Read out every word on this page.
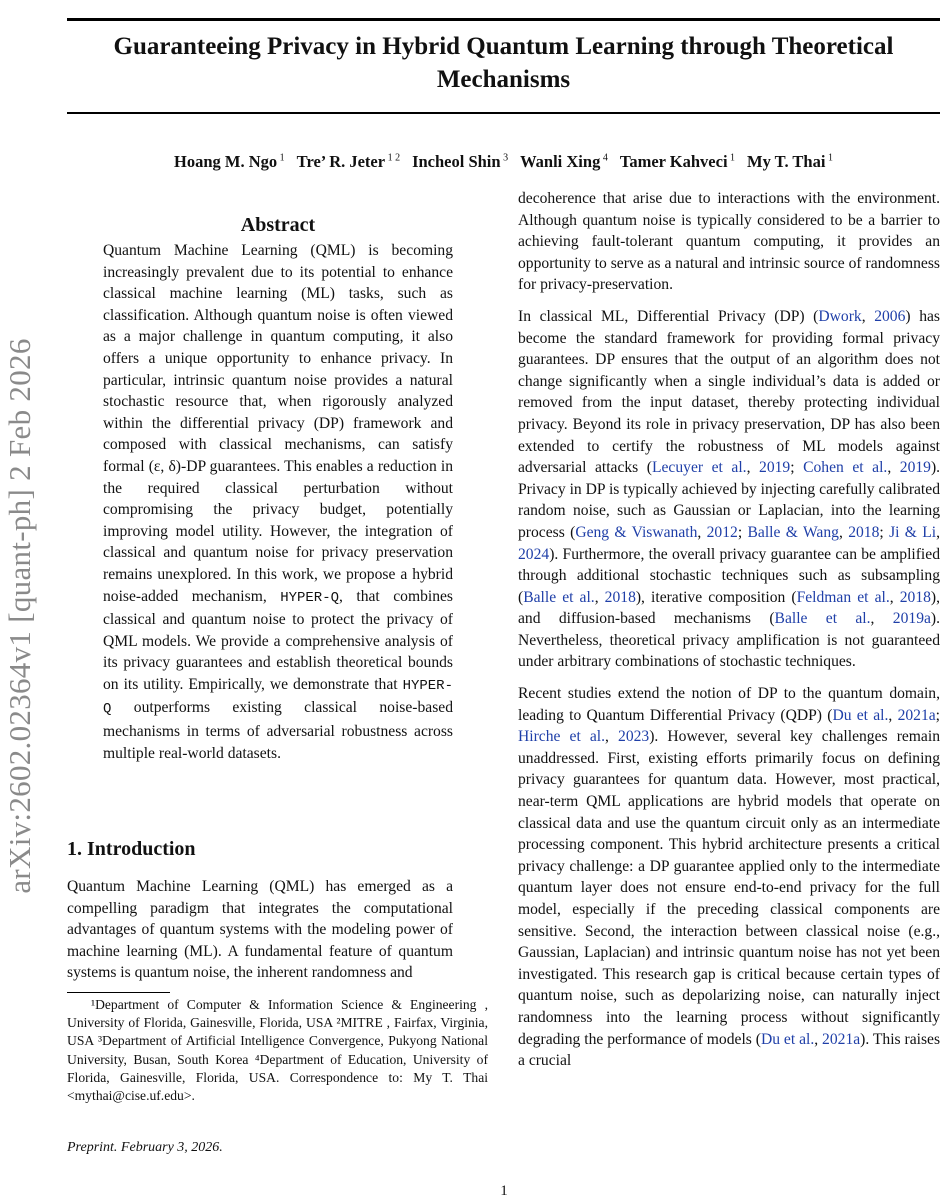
arXiv:2602.02364v1 [quant-ph] 2 Feb 2026
Guaranteeing Privacy in Hybrid Quantum Learning through Theoretical Mechanisms
Hoang M. Ngo $^1$ Tre’ R. Jeter $^{1 2}$ Incheol Shin $^3$ Wanli Xing $^4$ Tamer Kahveci $^1$ My T. Thai $^1$
Abstract

Quantum Machine Learning (QML) is becoming increasingly prevalent due to its potential to enhance classical machine learning (ML) tasks, such as classification. Although quantum noise is often viewed as a major challenge in quantum computing, it also offers a unique opportunity to enhance privacy. In particular, intrinsic quantum noise provides a natural stochastic resource that, when rigorously analyzed within the differential privacy (DP) framework and composed with classical mechanisms, can satisfy formal (ε, δ)-DP guarantees. This enables a reduction in the required classical perturbation without compromising the privacy budget, potentially improving model utility. However, the integration of classical and quantum noise for privacy preservation remains unexplored. In this work, we propose a hybrid noise-added mechanism, HYPER-Q, that combines classical and quantum noise to protect the privacy of QML models. We provide a comprehensive analysis of its privacy guarantees and establish theoretical bounds on its utility. Empirically, we demonstrate that HYPER-Q outperforms existing classical noise-based mechanisms in terms of adversarial robustness across multiple real-world datasets.

1. Introduction
Quantum Machine Learning (QML) has emerged as a compelling paradigm that integrates the computational advantages of quantum systems with the modeling power of machine learning (ML). A fundamental feature of quantum systems is quantum noise, the inherent randomness and

decoherence that arise due to interactions with the environment. Although quantum noise is typically considered to be a barrier to achieving fault-tolerant quantum computing, it provides an opportunity to serve as a natural and intrinsic source of randomness for privacy-preservation.

In classical ML, Differential Privacy (DP) (Dwork, 2006) has become the standard framework for providing formal privacy guarantees. DP ensures that the output of an algorithm does not change significantly when a single individual’s data is added or removed from the input dataset, thereby protecting individual privacy. Beyond its role in privacy preservation, DP has also been extended to certify the robustness of ML models against adversarial attacks (Lecuyer et al., 2019; Cohen et al., 2019). Privacy in DP is typically achieved by injecting carefully calibrated random noise, such as Gaussian or Laplacian, into the learning process (Geng & Viswanath, 2012; Balle & Wang, 2018; Ji & Li, 2024). Furthermore, the overall privacy guarantee can be amplified through additional stochastic techniques such as subsampling (Balle et al., 2018), iterative composition (Feldman et al., 2018), and diffusion-based mechanisms (Balle et al., 2019a). Nevertheless, theoretical privacy amplification is not guaranteed under arbitrary combinations of stochastic techniques.

Recent studies extend the notion of DP to the quantum domain, leading to Quantum Differential Privacy (QDP) (Du et al., 2021a; Hirche et al., 2023). However, several key challenges remain unaddressed. First, existing efforts primarily focus on defining privacy guarantees for quantum data. However, most practical, near-term QML applications are hybrid models that operate on classical data and use the quantum circuit only as an intermediate processing component. This hybrid architecture presents a critical privacy challenge: a DP guarantee applied only to the intermediate quantum layer does not ensure end-to-end privacy for the full model, especially if the preceding classical components are sensitive. Second, the interaction between classical noise (e.g., Gaussian, Laplacian) and intrinsic quantum noise has not yet been investigated. This research gap is critical because certain types of quantum noise, such as depolarizing noise, can naturally inject randomness into the learning process without significantly degrading the performance of models (Du et al., 2021a). This raises a crucial

¹Department of Computer & Information Science & Engineering , University of Florida, Gainesville, Florida, USA ²MITRE , Fairfax, Virginia, USA ³Department of Artificial Intelligence Convergence, Pukyong National University, Busan, South Korea ⁴Department of Education, University of Florida, Gainesville, Florida, USA. Correspondence to: My T. Thai <mythai@cise.uf.edu>.
Preprint. February 3, 2026.
1
